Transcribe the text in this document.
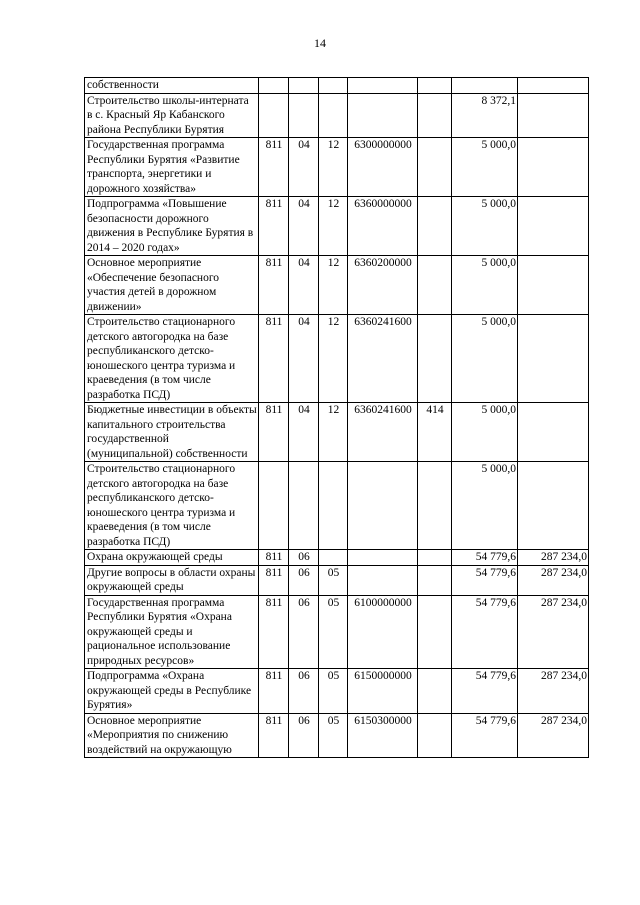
14
собственности							
Строительство школы-интерната в с. Красный Яр Кабанского района Республики Бурятия						8 372,1	
Государственная программа Республики Бурятия «Развитие транспорта, энергетики и дорожного хозяйства»	811	04	12	6300000000		5 000,0	
Подпрограмма «Повышение безопасности дорожного движения в Республике Бурятия в 2014 – 2020 годах»	811	04	12	6360000000		5 000,0	
Основное мероприятие «Обеспечение безопасного участия детей в дорожном движении»	811	04	12	6360200000		5 000,0	
Строительство стационарного детского автогородка на базе республиканского детско-юношеского центра туризма и краеведения (в том числе разработка ПСД)	811	04	12	6360241600		5 000,0	
Бюджетные инвестиции в объекты капитального строительства государственной (муниципальной) собственности	811	04	12	6360241600	414	5 000,0	
Строительство стационарного детского автогородка на базе республиканского детско-юношеского центра туризма и краеведения (в том числе разработка ПСД)						5 000,0	
Охрана окружающей среды	811	06				54 779,6	287 234,0
Другие вопросы в области охраны окружающей среды	811	06	05			54 779,6	287 234,0
Государственная программа Республики Бурятия «Охрана окружающей среды и рациональное использование природных ресурсов»	811	06	05	6100000000		54 779,6	287 234,0
Подпрограмма «Охрана окружающей среды в Республике Бурятия»	811	06	05	6150000000		54 779,6	287 234,0
Основное мероприятие «Мероприятия по снижению воздействий на окружающую	811	06	05	6150300000		54 779,6	287 234,0
